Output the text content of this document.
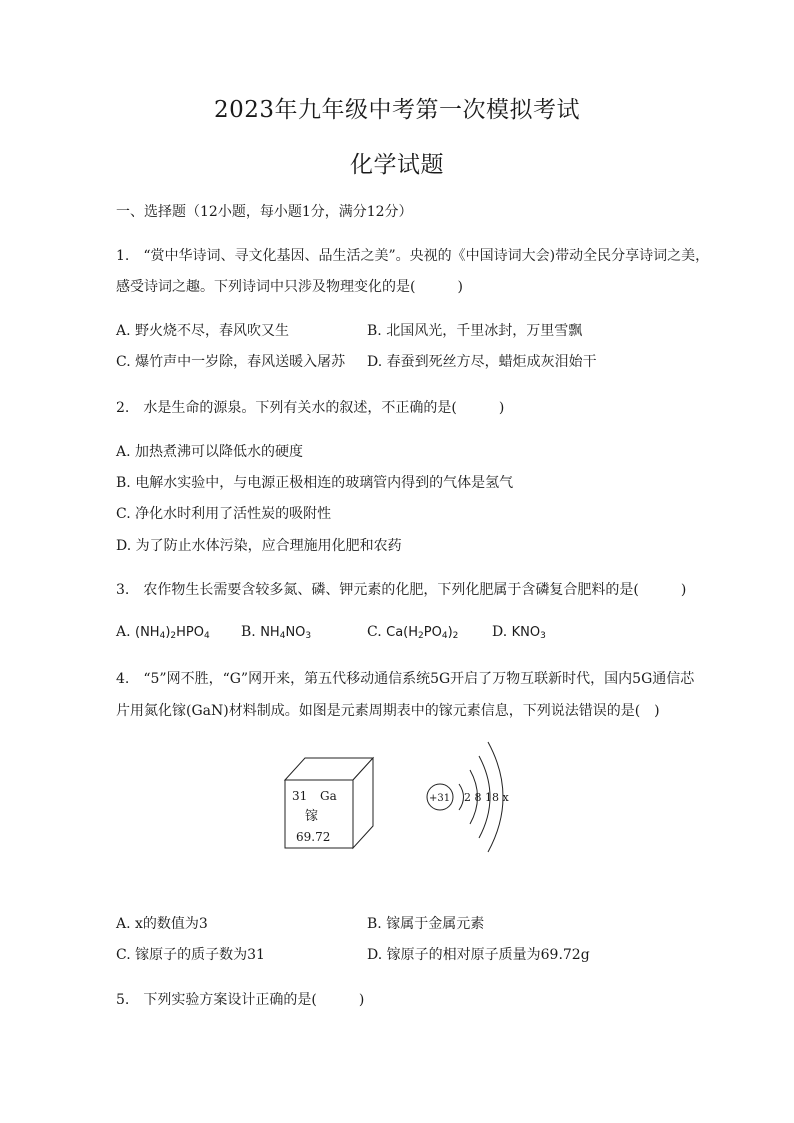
2023年九年级中考第一次模拟考试
化学试题
一、选择题（12小题，每小题1分，满分12分）
1.　“赏中华诗词、寻文化基因、品生活之美”。央视的《中国诗词大会)带动全民分享诗词之美，
感受诗词之趣。下列诗词中只涉及物理变化的是(　　　)
A. 野火烧不尽，春风吹又生	B. 北国风光，千里冰封，万里雪飘
C. 爆竹声中一岁除，春风送暖入屠苏 D. 春蚕到死丝方尽，蜡炬成灰泪始干
2.　水是生命的源泉。下列有关水的叙述，不正确的是(　　　)
A. 加热煮沸可以降低水的硬度
B. 电解水实验中，与电源正极相连的玻璃管内得到的气体是氢气
C. 净化水时利用了活性炭的吸附性
D. 为了防止水体污染，应合理施用化肥和农药
3.　农作物生长需要含较多氮、磷、钾元素的化肥，下列化肥属于含磷复合肥料的是(　　　)
A. $(NH_4)_2HPO_4$ B. $NH_4NO_3$	C. $Ca(H_2PO_4)_2$ D. $KNO_3$
4.　“5”网不胜，“G”网开来，第五代移动通信系统5G开启了万物互联新时代，国内5G通信芯
片用氮化镓(GaN)材料制成。如图是元素周期表中的镓元素信息，下列说法错误的是(　)
31 Ga
镓
69.72
+31 2 8 18 x
A. x的数值为3	B. 镓属于金属元素
C. 镓原子的质子数为31	D. 镓原子的相对原子质量为69.72g
5.　下列实验方案设计正确的是(　　　)
